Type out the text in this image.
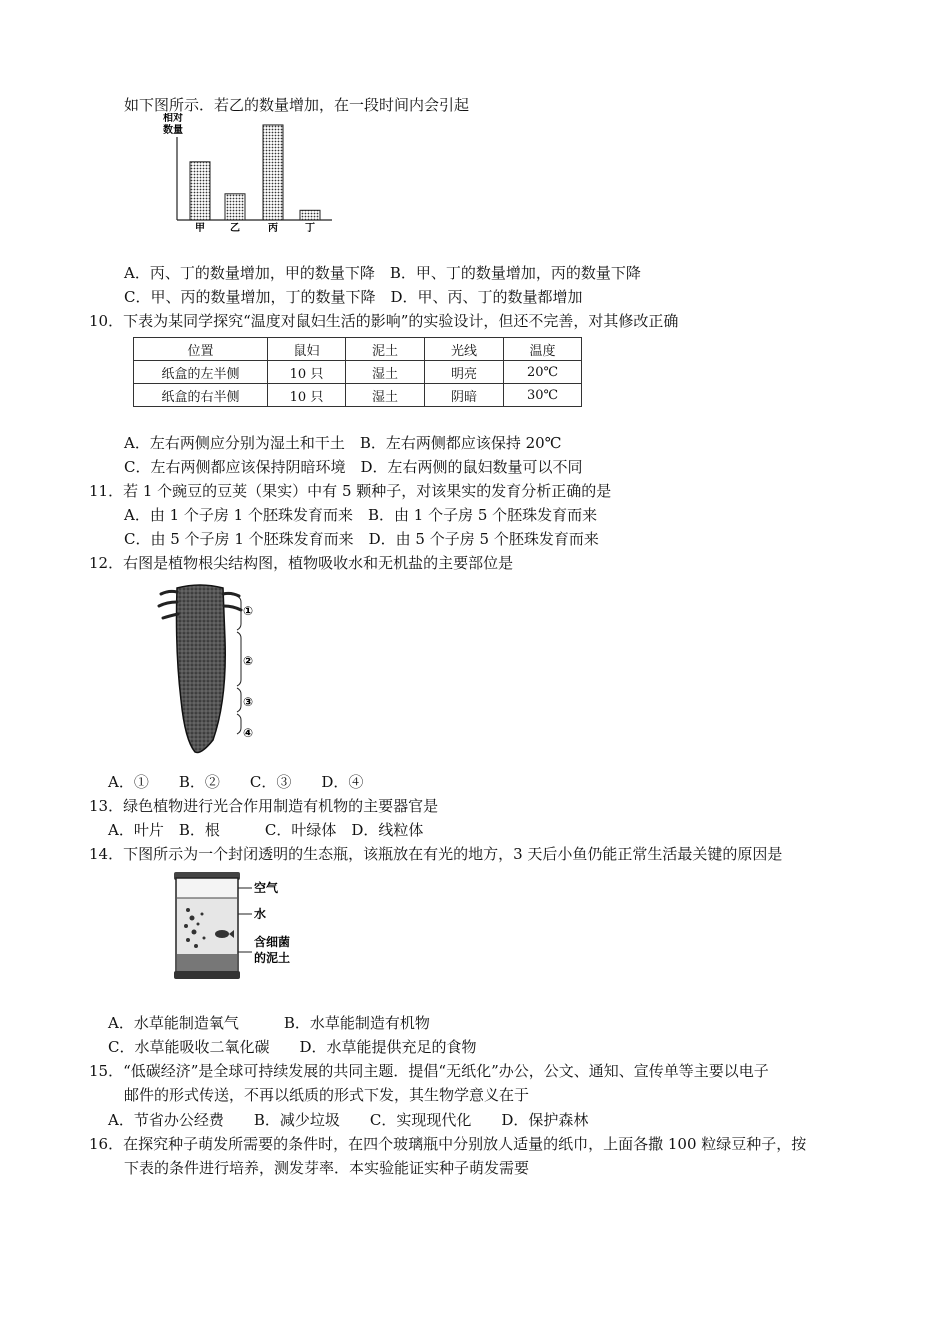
如下图所示．若乙的数量增加，在一段时间内会引起
相对
数量
甲	乙	丙	丁
A．丙、丁的数量增加，甲的数量下降　B．甲、丁的数量增加，丙的数量下降
C．甲、丙的数量增加，丁的数量下降　D．甲、丙、丁的数量都增加
10．下表为某同学探究“温度对鼠妇生活的影响”的实验设计，但还不完善，对其修改正确
位置	鼠妇	泥土	光线	温度
纸盒的左半侧	10 只	湿土	明亮	20℃
纸盒的右半侧	10 只	湿土	阴暗	30℃
A．左右两侧应分别为湿土和干土　B．左右两侧都应该保持 20℃
C．左右两侧都应该保持阴暗环境　D．左右两侧的鼠妇数量可以不同
11．若 1 个豌豆的豆荚（果实）中有 5 颗种子，对该果实的发育分析正确的是
A．由 1 个子房 1 个胚珠发育而来　B．由 1 个子房 5 个胚珠发育而来
C．由 5 个子房 1 个胚珠发育而来　D．由 5 个子房 5 个胚珠发育而来
12．右图是植物根尖结构图，植物吸收水和无机盐的主要部位是
①
②
③
④
A．①　　B．②　　C．③　　D．④
13．绿色植物进行光合作用制造有机物的主要器官是
A．叶片　B．根　　　C．叶绿体　D．线粒体
14．下图所示为一个封闭透明的生态瓶，该瓶放在有光的地方，3 天后小鱼仍能正常生活最关键的原因是
空气
水
含细菌
的泥土
A．水草能制造氧气　　　B．水草能制造有机物
C．水草能吸收二氧化碳　　D．水草能提供充足的食物
15．“低碳经济”是全球可持续发展的共同主题．提倡“无纸化”办公，公文、通知、宣传单等主要以电子
邮件的形式传送，不再以纸质的形式下发，其生物学意义在于
A．节省办公经费　　B．减少垃圾　　C．实现现代化　　D．保护森林
16．在探究种子萌发所需要的条件时，在四个玻璃瓶中分别放人适量的纸巾，上面各撒 100 粒绿豆种子，按
下表的条件进行培养，测发芽率．本实验能证实种子萌发需要
